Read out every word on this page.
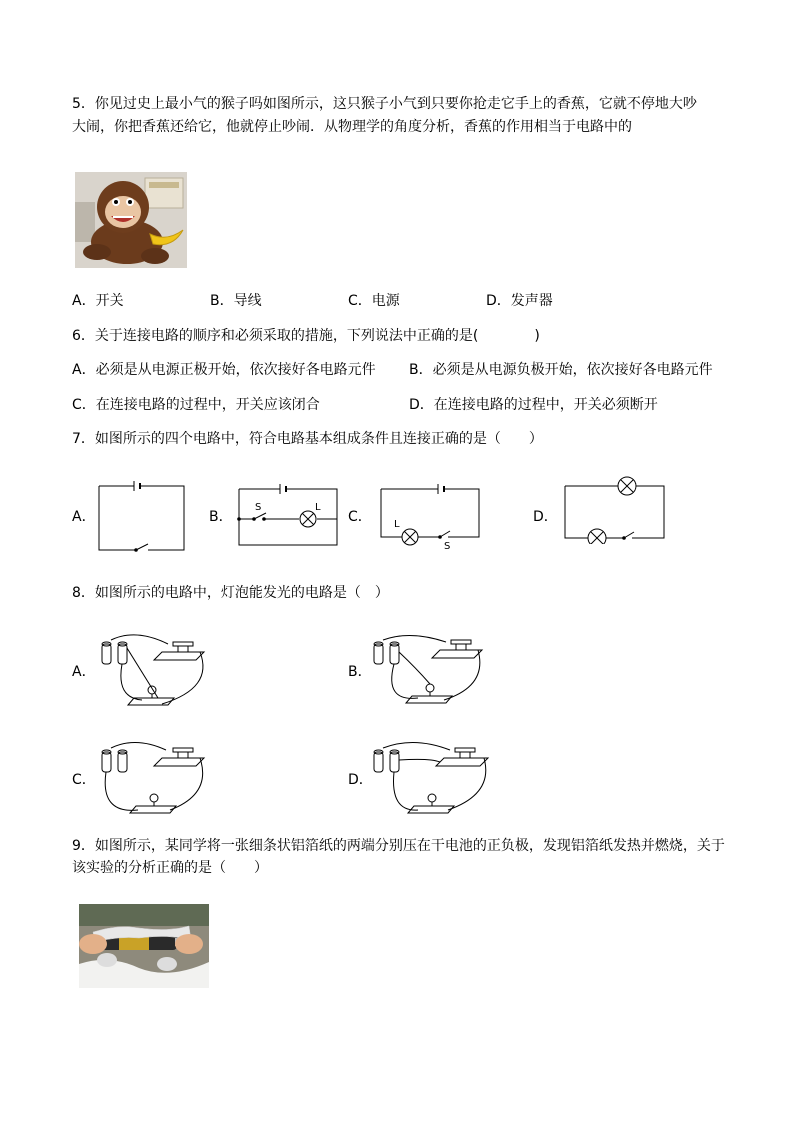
5．你见过史上最小气的猴子吗如图所示，这只猴子小气到只要你抢走它手上的香蕉，它就不停地大吵
大闹，你把香蕉还给它，他就停止吵闹．从物理学的角度分析，香蕉的作用相当于电路中的
A．开关	B．导线	C．电源	D．发声器
6．关于连接电路的顺序和必须采取的措施，下列说法中正确的是(　　　　)
A．必须是从电源正极开始，依次接好各电路元件 B．必须是从电源负极开始，依次接好各电路元件
C．在连接电路的过程中，开关应该闭合	D．在连接电路的过程中，开关必须断开
7．如图所示的四个电路中，符合电路基本组成条件且连接正确的是（　　）
A．	B．
S	L
C． L
S
D．
8．如图所示的电路中，灯泡能发光的电路是（　）
A．	B．
C．	D．
9．如图所示，某同学将一张细条状铝箔纸的两端分别压在干电池的正负极，发现铝箔纸发热并燃烧，关于
该实验的分析正确的是（　　）
